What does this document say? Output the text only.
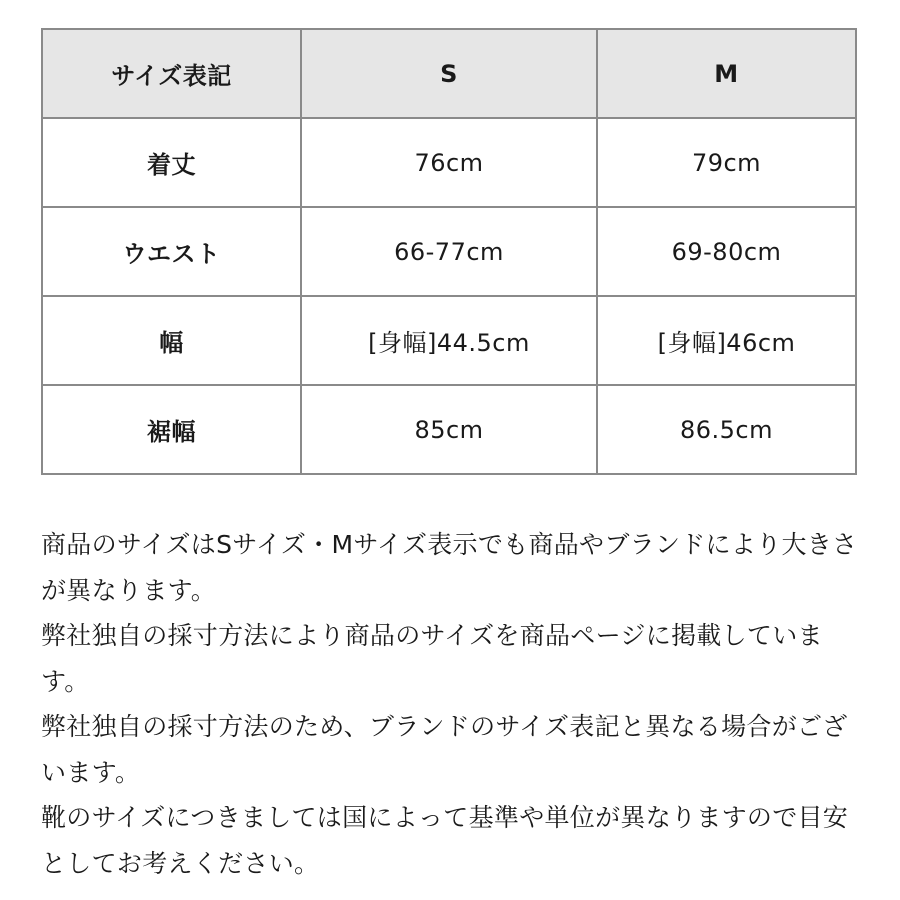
サイズ表記	S	M
着丈	76cm	79cm
ウエスト	66-77cm	69-80cm
幅	[身幅]44.5cm	[身幅]46cm
裾幅	85cm	86.5cm

商品のサイズはSサイズ・Mサイズ表示でも商品やブランドにより大きさが異なります。

弊社独自の採寸方法により商品のサイズを商品ページに掲載しています。

弊社独自の採寸方法のため、ブランドのサイズ表記と異なる場合がございます。

靴のサイズにつきましては国によって基準や単位が異なりますので目安としてお考えください。
